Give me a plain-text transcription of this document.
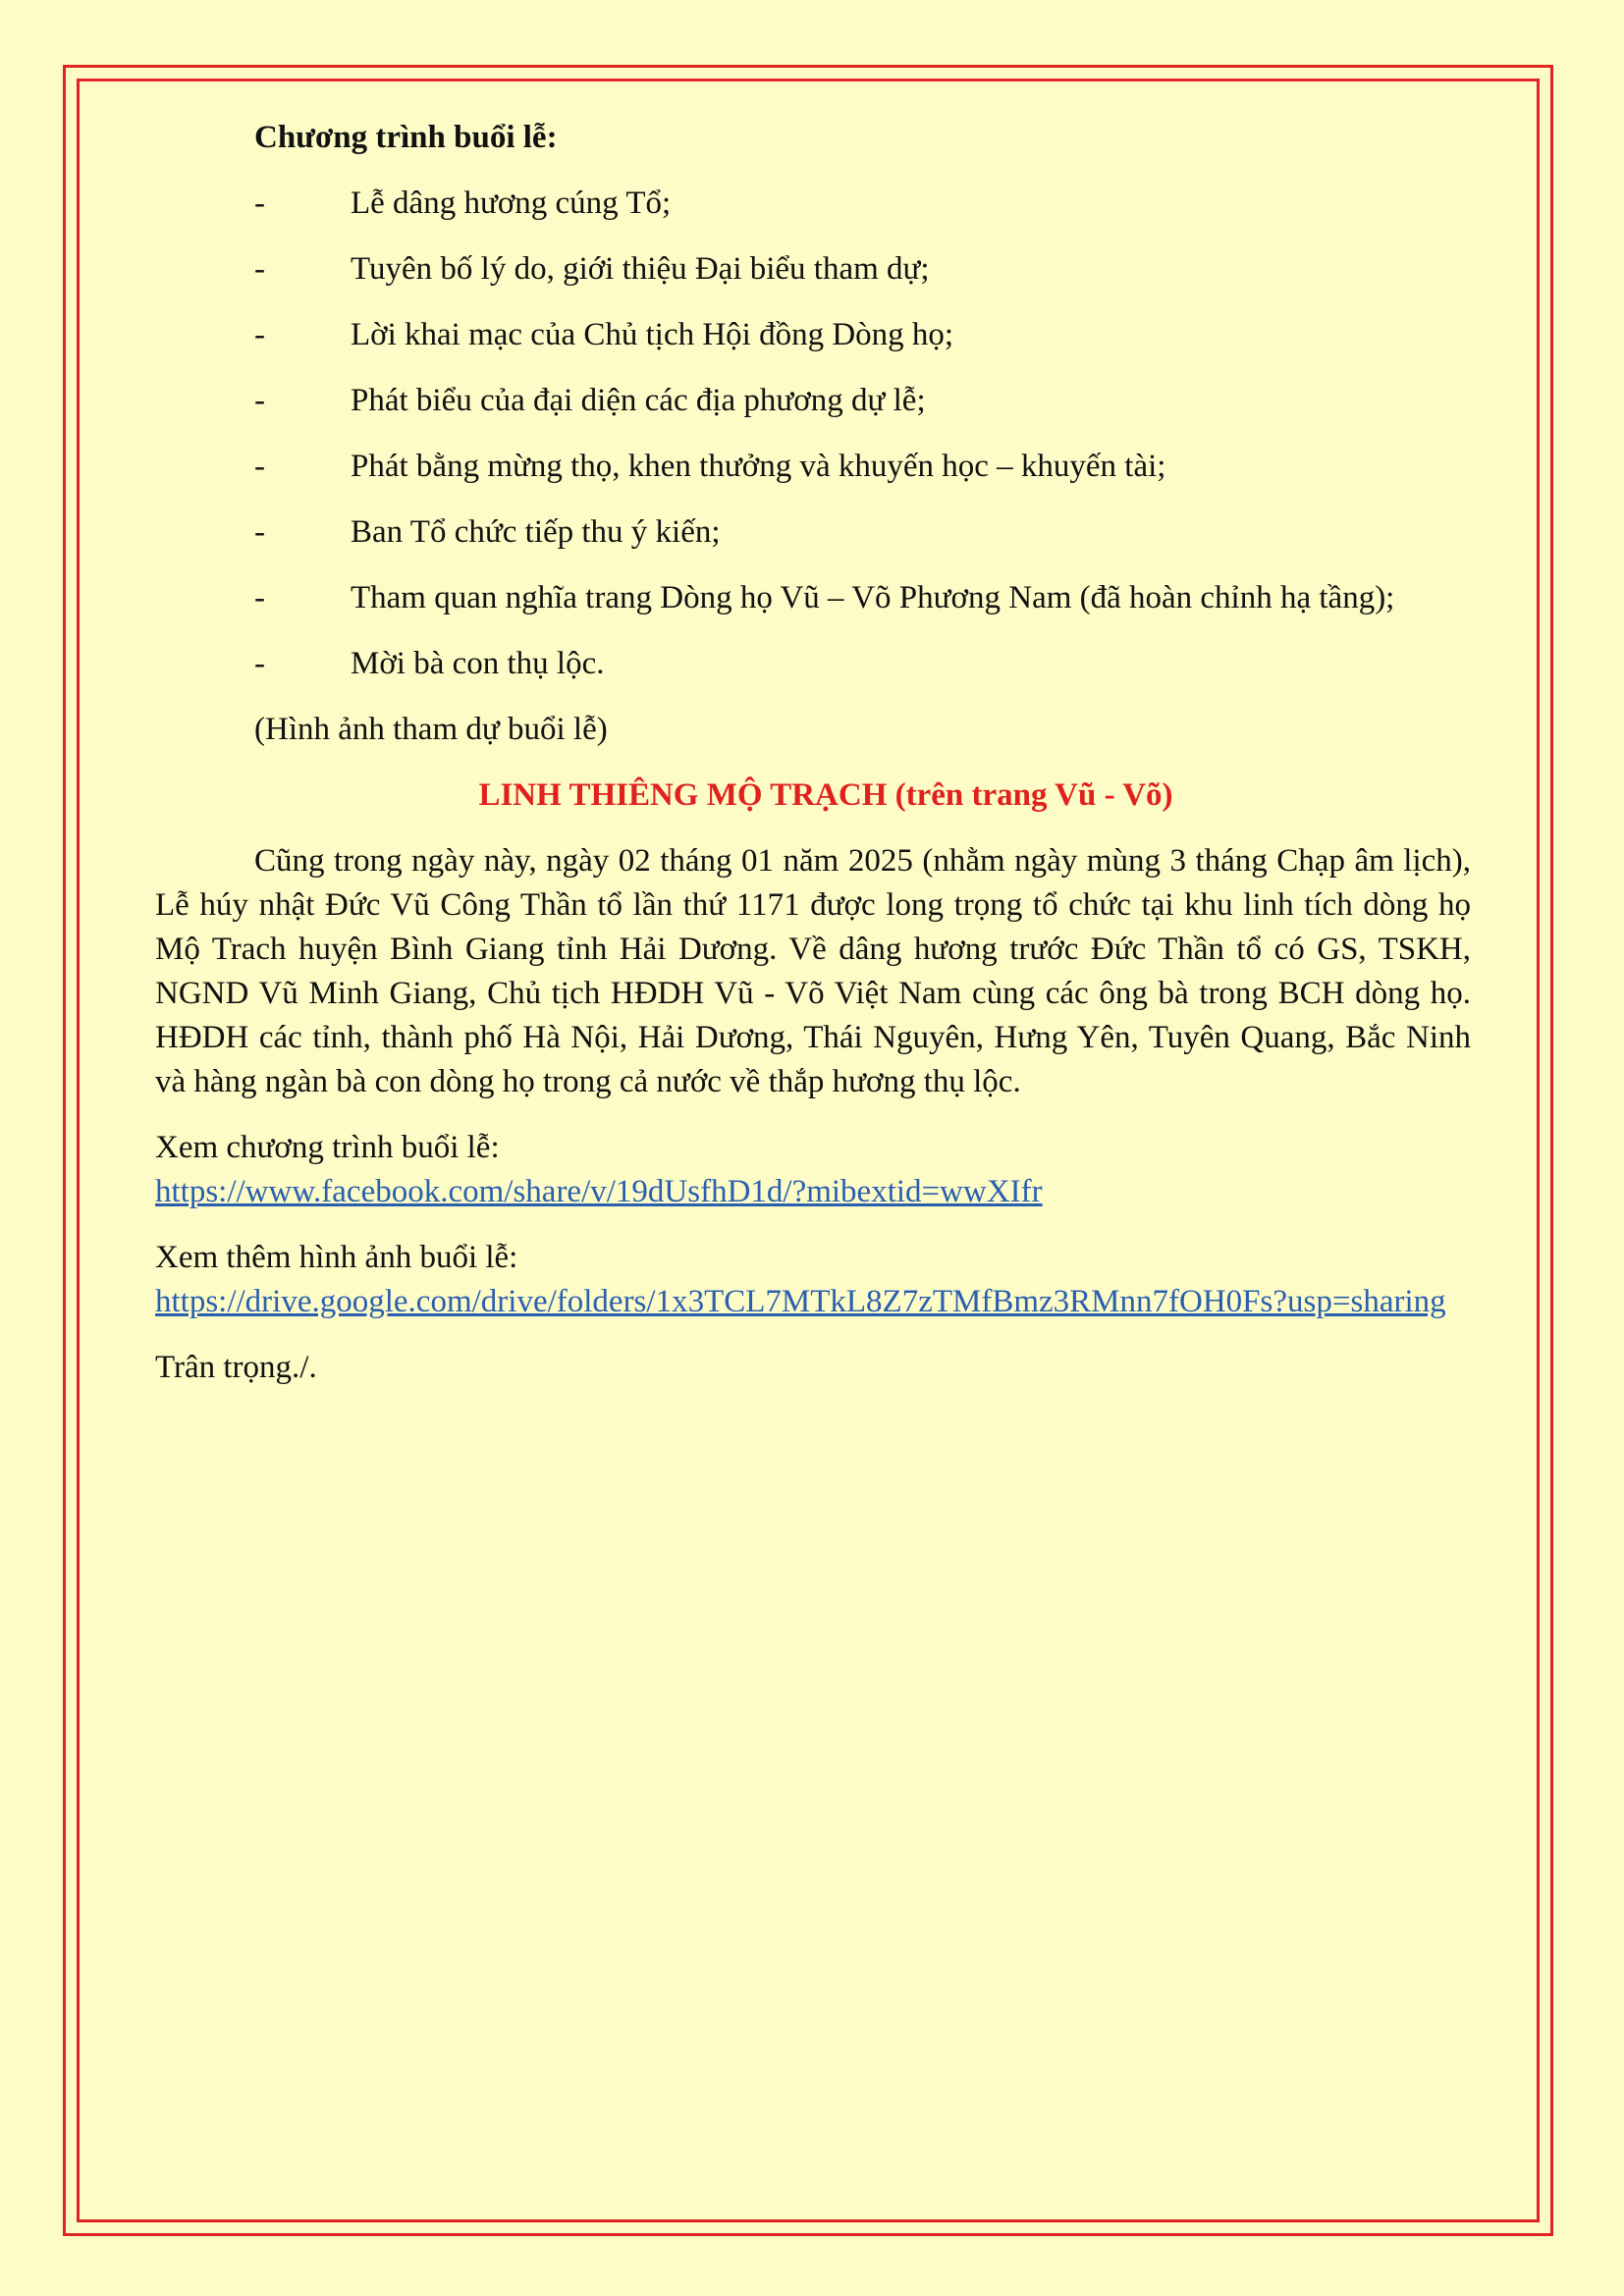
Chương trình buổi lễ:

-	Lễ dâng hương cúng Tổ;
-	Tuyên bố lý do, giới thiệu Đại biểu tham dự;
-	Lời khai mạc của Chủ tịch Hội đồng Dòng họ;
-	Phát biểu của đại diện các địa phương dự lễ;
-	Phát bằng mừng thọ, khen thưởng và khuyến học – khuyến tài;
-	Ban Tổ chức tiếp thu ý kiến;
-	Tham quan nghĩa trang Dòng họ Vũ – Võ Phương Nam (đã hoàn chỉnh hạ tầng);
-	Mời bà con thụ lộc.

(Hình ảnh tham dự buổi lễ)

LINH THIÊNG MỘ TRẠCH (trên trang Vũ - Võ)

Cũng trong ngày này, ngày 02 tháng 01 năm 2025 (nhằm ngày mùng 3 tháng Chạp âm lịch), Lễ húy nhật Đức Vũ Công Thần tổ lần thứ 1171 được long trọng tổ chức tại khu linh tích dòng họ Mộ Trach huyện Bình Giang tỉnh Hải Dương. Về dâng hương trước Đức Thần tổ có GS, TSKH, NGND Vũ Minh Giang, Chủ tịch HĐDH Vũ - Võ Việt Nam cùng các ông bà trong BCH dòng họ. HĐDH các tỉnh, thành phố Hà Nội, Hải Dương, Thái Nguyên, Hưng Yên, Tuyên Quang, Bắc Ninh và hàng ngàn bà con dòng họ trong cả nước về thắp hương thụ lộc.

Xem chương trình buổi lễ:
https://www.facebook.com/share/v/19dUsfhD1d/?mibextid=wwXIfr
Xem thêm hình ảnh buổi lễ:
https://drive.google.com/drive/folders/1x3TCL7MTkL8Z7zTMfBmz3RMnn7fOH0Fs?usp=sharing

Trân trọng./.
